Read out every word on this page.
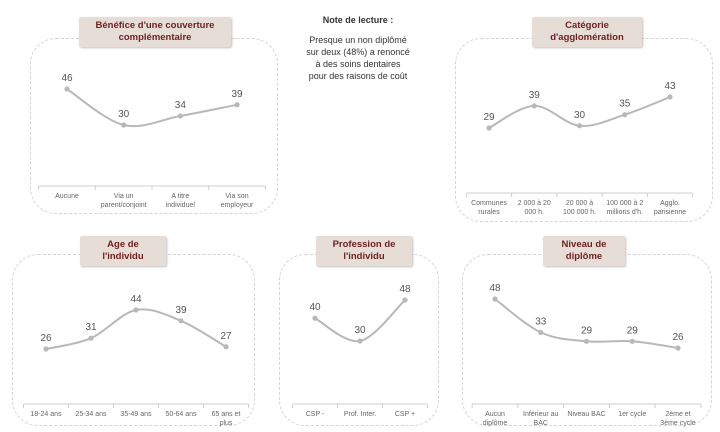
Bénéfice d'une couverture
complémentaire
Catégorie
d'agglomération
Age de
l'individu
Profession de
l'individu
Niveau de
diplôme
Note de lecture :
Presque un non diplômé
sur deux (48%) a renoncé
à des soins dentaires
pour des raisons de coût
46
30
34
39
Aucune	Via un parent/conjoint
A titre individuel
Via son employeur
29
39
30
35
43
Communes rurales
2 000 à 20 000 h.
20 000 à 100 000 h.
100 000 à 2 millions d'h.
Agglo. parisienne
26
31
44
39
27
18-24 ans 25-34 ans 35-49 ans 50-64 ans 65 ans et plus
40
30
48
CSP -	Prof. Inter.	CSP +
48
33
29	29
26
Aucun diplôme
Inférieur au BAC
Niveau BAC 1er cycle	2ème et 3ème cycle
